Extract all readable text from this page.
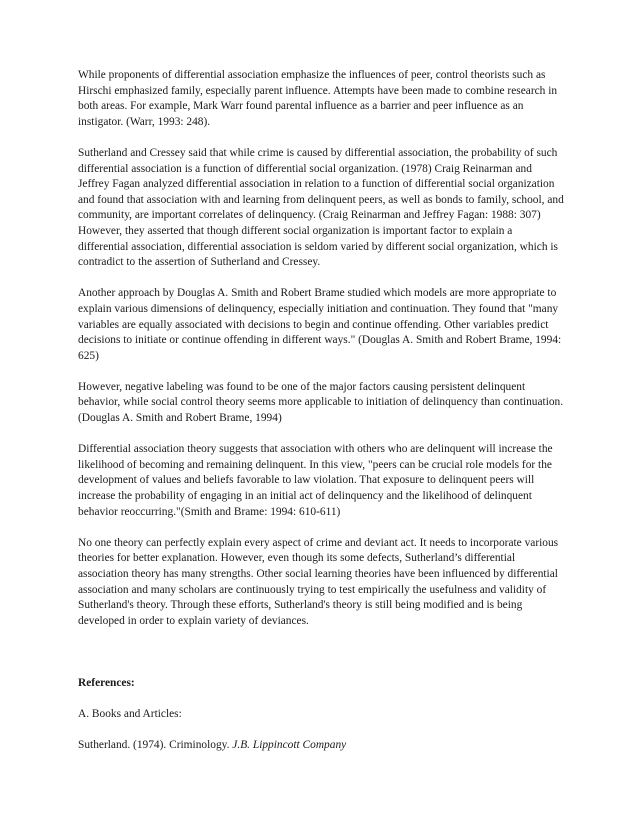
While proponents of differential association emphasize the influences of peer, control theorists such as Hirschi emphasized family, especially parent influence. Attempts have been made to combine research in both areas. For example, Mark Warr found parental influence as a barrier and peer influence as an instigator. (Warr, 1993: 248).

Sutherland and Cressey said that while crime is caused by differential association, the probability of such differential association is a function of differential social organization. (1978) Craig Reinarman and Jeffrey Fagan analyzed differential association in relation to a function of differential social organization and found that association with and learning from delinquent peers, as well as bonds to family, school, and community, are important correlates of delinquency. (Craig Reinarman and Jeffrey Fagan: 1988: 307) However, they asserted that though different social organization is important factor to explain a differential association, differential association is seldom varied by different social organization, which is contradict to the assertion of Sutherland and Cressey.

Another approach by Douglas A. Smith and Robert Brame studied which models are more appropriate to explain various dimensions of delinquency, especially initiation and continuation. They found that "many variables are equally associated with decisions to begin and continue offending. Other variables predict decisions to initiate or continue offending in different ways." (Douglas A. Smith and Robert Brame, 1994: 625)

However, negative labeling was found to be one of the major factors causing persistent delinquent behavior, while social control theory seems more applicable to initiation of delinquency than continuation. (Douglas A. Smith and Robert Brame, 1994)

Differential association theory suggests that association with others who are delinquent will increase the likelihood of becoming and remaining delinquent. In this view, "peers can be crucial role models for the development of values and beliefs favorable to law violation. That exposure to delinquent peers will increase the probability of engaging in an initial act of delinquency and the likelihood of delinquent behavior reoccurring."(Smith and Brame: 1994: 610-611)

No one theory can perfectly explain every aspect of crime and deviant act. It needs to incorporate various theories for better explanation. However, even though its some defects, Sutherland’s differential association theory has many strengths. Other social learning theories have been influenced by differential association and many scholars are continuously trying to test empirically the usefulness and validity of Sutherland's theory. Through these efforts, Sutherland's theory is still being modified and is being developed in order to explain variety of deviances.

References:

A. Books and Articles:

Sutherland. (1974). Criminology. J.B. Lippincott Company
